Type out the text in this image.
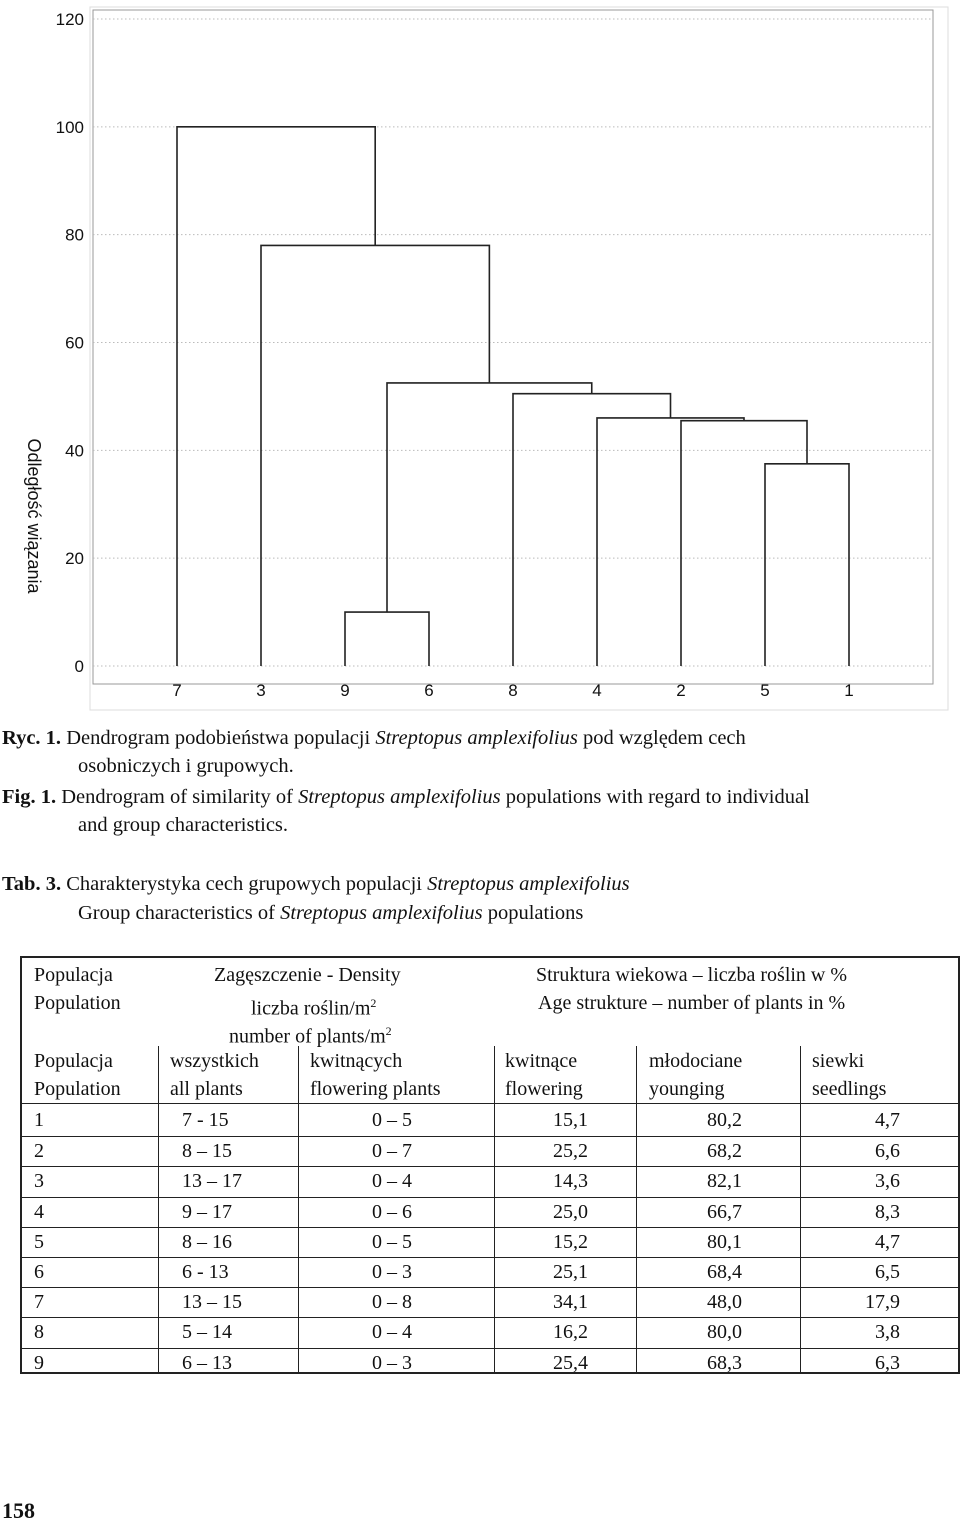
0
20
40
60
80
100
120
Odległość wiązania
7	3	9	6	8	4	2	5	1
Ryc. 1. Dendrogram podobieństwa populacji Streptopus amplexifolius pod względem cech
osobniczych i grupowych.
Fig. 1. Dendrogram of similarity of Streptopus amplexifolius populations with regard to individual
and group characteristics.
Tab. 3. Charakterystyka cech grupowych populacji Streptopus amplexifolius
Group characteristics of Streptopus amplexifolius populations
Populacja
Population
Zagęszczenie - Density
liczba roślin/$m^2$
number of plants/$m^2$
Struktura wiekowa – liczba roślin w %
Age strukture – number of plants in %
Populacja
Population
wszystkich
all plants
kwitnących
flowering plants
kwitnące
flowering
młodociane
younging
siewki
seedlings
1	7 - 15	0 – 5	15,1	80,2	4,7
2	8 – 15	0 – 7	25,2	68,2	6,6
3	13 – 17	0 – 4	14,3	82,1	3,6
4	9 – 17	0 – 6	25,0	66,7	8,3
5	8 – 16	0 – 5	15,2	80,1	4,7
6	6 - 13	0 – 3	25,1	68,4	6,5
7	13 – 15	0 – 8	34,1	48,0	17,9
8	5 – 14	0 – 4	16,2	80,0	3,8
9	6 – 13	0 – 3	25,4	68,3	6,3
158
